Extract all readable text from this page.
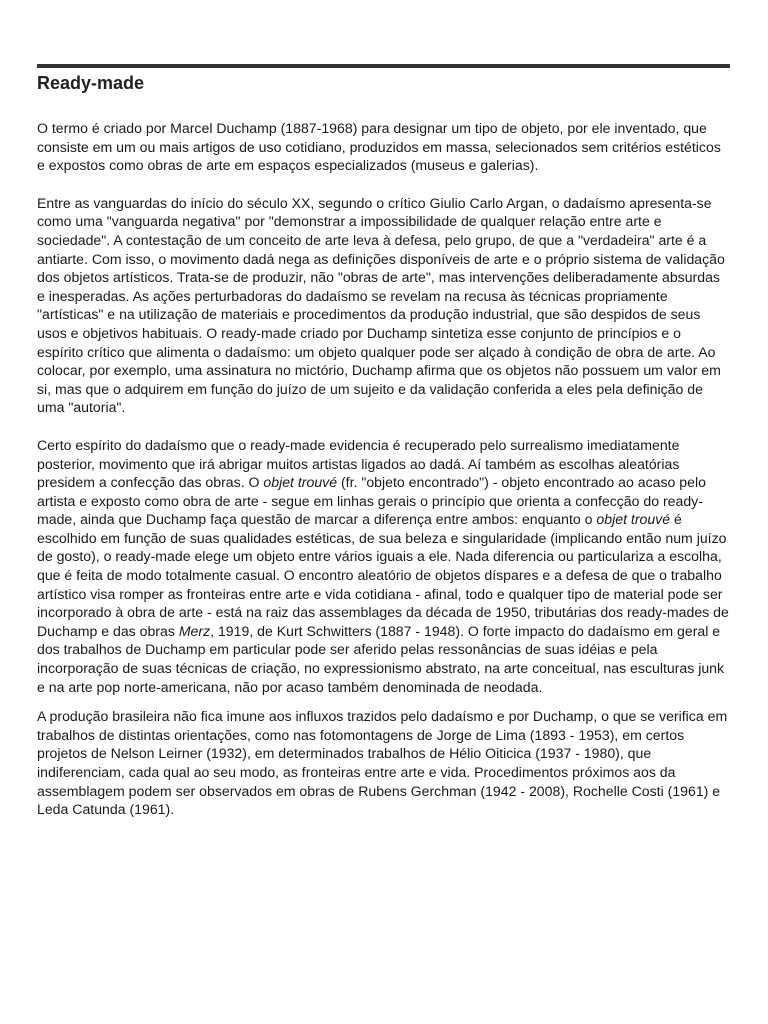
Ready-made

O termo é criado por Marcel Duchamp (1887-1968) para designar um tipo de objeto, por ele inventado, que consiste em um ou mais artigos de uso cotidiano, produzidos em massa, selecionados sem critérios estéticos e expostos como obras de arte em espaços especializados (museus e galerias).

Entre as vanguardas do início do século XX, segundo o crítico Giulio Carlo Argan, o dadaísmo apresenta-se como uma "vanguarda negativa" por "demonstrar a impossibilidade de qualquer relação entre arte e sociedade". A contestação de um conceito de arte leva à defesa, pelo grupo, de que a "verdadeira" arte é a antiarte. Com isso, o movimento dadá nega as definições disponíveis de arte e o próprio sistema de validação dos objetos artísticos. Trata-se de produzir, não "obras de arte", mas intervenções deliberadamente absurdas e inesperadas. As ações perturbadoras do dadaísmo se revelam na recusa às técnicas propriamente "artísticas" e na utilização de materiais e procedimentos da produção industrial, que são despidos de seus usos e objetivos habituais. O ready-made criado por Duchamp sintetiza esse conjunto de princípios e o espírito crítico que alimenta o dadaísmo: um objeto qualquer pode ser alçado à condição de obra de arte. Ao colocar, por exemplo, uma assinatura no mictório, Duchamp afirma que os objetos não possuem um valor em si, mas que o adquirem em função do juízo de um sujeito e da validação conferida a eles pela definição de uma "autoria".

Certo espírito do dadaísmo que o ready-made evidencia é recuperado pelo surrealismo imediatamente posterior, movimento que irá abrigar muitos artistas ligados ao dadá. Aí também as escolhas aleatórias presidem a confecção das obras. O objet trouvé (fr. "objeto encontrado") - objeto encontrado ao acaso pelo artista e exposto como obra de arte - segue em linhas gerais o princípio que orienta a confecção do ready-made, ainda que Duchamp faça questão de marcar a diferença entre ambos: enquanto o objet trouvé é escolhido em função de suas qualidades estéticas, de sua beleza e singularidade (implicando então num juízo de gosto), o ready-made elege um objeto entre vários iguais a ele. Nada diferencia ou particulariza a escolha, que é feita de modo totalmente casual. O encontro aleatório de objetos díspares e a defesa de que o trabalho artístico visa romper as fronteiras entre arte e vida cotidiana - afinal, todo e qualquer tipo de material pode ser incorporado à obra de arte - está na raiz das assemblages da década de 1950, tributárias dos ready-mades de Duchamp e das obras Merz, 1919, de Kurt Schwitters (1887 - 1948). O forte impacto do dadaísmo em geral e dos trabalhos de Duchamp em particular pode ser aferido pelas ressonâncias de suas idéias e pela incorporação de suas técnicas de criação, no expressionismo abstrato, na arte conceitual, nas esculturas junk e na arte pop norte-americana, não por acaso também denominada de neodada.

A produção brasileira não fica imune aos influxos trazidos pelo dadaísmo e por Duchamp, o que se verifica em trabalhos de distintas orientações, como nas fotomontagens de Jorge de Lima (1893 - 1953), em certos projetos de Nelson Leirner (1932), em determinados trabalhos de Hélio Oiticica (1937 - 1980), que indiferenciam, cada qual ao seu modo, as fronteiras entre arte e vida. Procedimentos próximos aos da assemblagem podem ser observados em obras de Rubens Gerchman (1942 - 2008), Rochelle Costi (1961) e Leda Catunda (1961).
